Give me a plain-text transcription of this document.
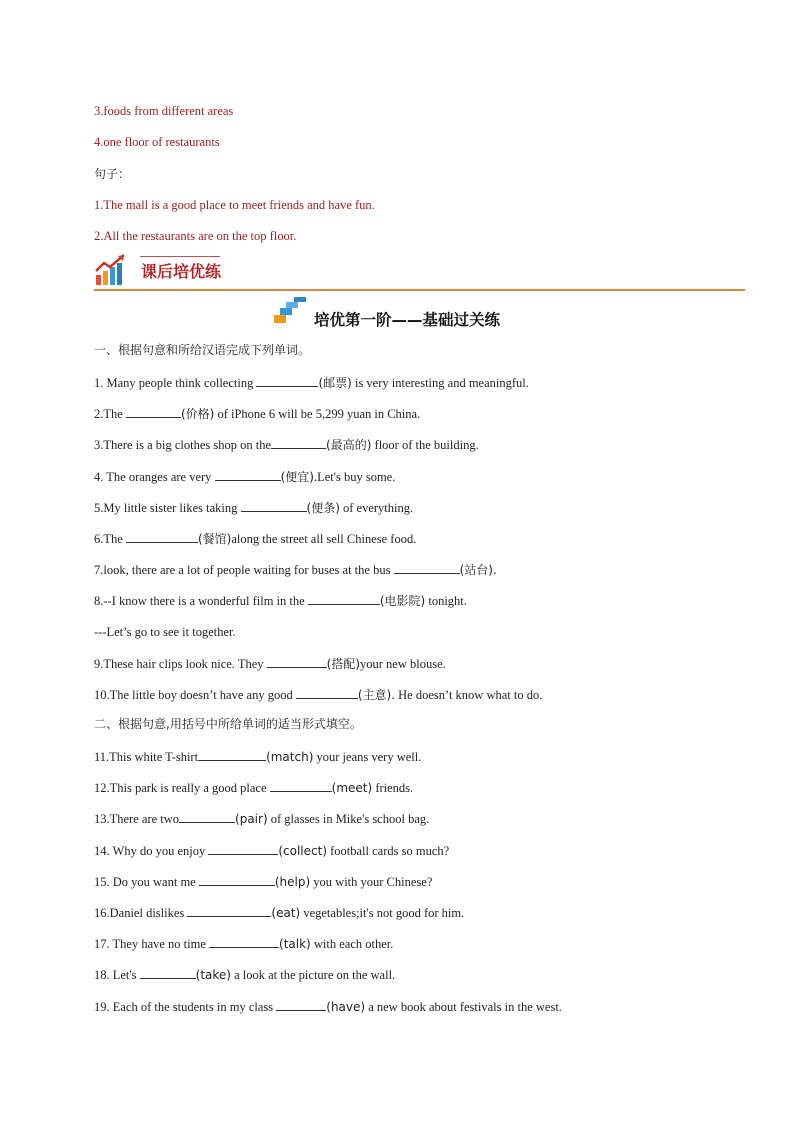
3.foods from different areas
4.one floor of restaurants
句子：
1.The mall is a good place to meet friends and have fun.
2.All the restaurants are on the top floor.
课后培优练
培优第一阶——基础过关练
一、根据句意和所给汉语完成下列单词。
1. Many people think collecting	(邮票) is very interesting and meaningful.
2.The	(价格) of iPhone 6 will be 5,299 yuan in China.
3.There is a big clothes shop on the	(最高的) floor of the building.
4. The oranges are very	(便宜).Let's buy some.
5.My little sister likes taking	(便条) of everything.
6.The	(餐馆)along the street all sell Chinese food.
7.look, there are a lot of people waiting for buses at the bus	(站台).
8.--I know there is a wonderful film in the	(电影院) tonight.
---Let’s go to see it together.
9.These hair clips look nice. They	(搭配)your new blouse.
10.The little boy doesn’t have any good	(主意). He doesn’t know what to do.
二、根据句意,用括号中所给单词的适当形式填空。
11.This white T-shirt	(match) your jeans very well.
12.This park is really a good place	(meet) friends.
13.There are two	(pair) of glasses in Mike's school bag.
14. Why do you enjoy	(collect) football cards so much?
15. Do you want me	(help) you with your Chinese?
16.Daniel dislikes	(eat) vegetables;it's not good for him.
17. They have no time	(talk) with each other.
18. Let's	(take) a look at the picture on the wall.
19. Each of the students in my class	(have) a new book about festivals in the west.
